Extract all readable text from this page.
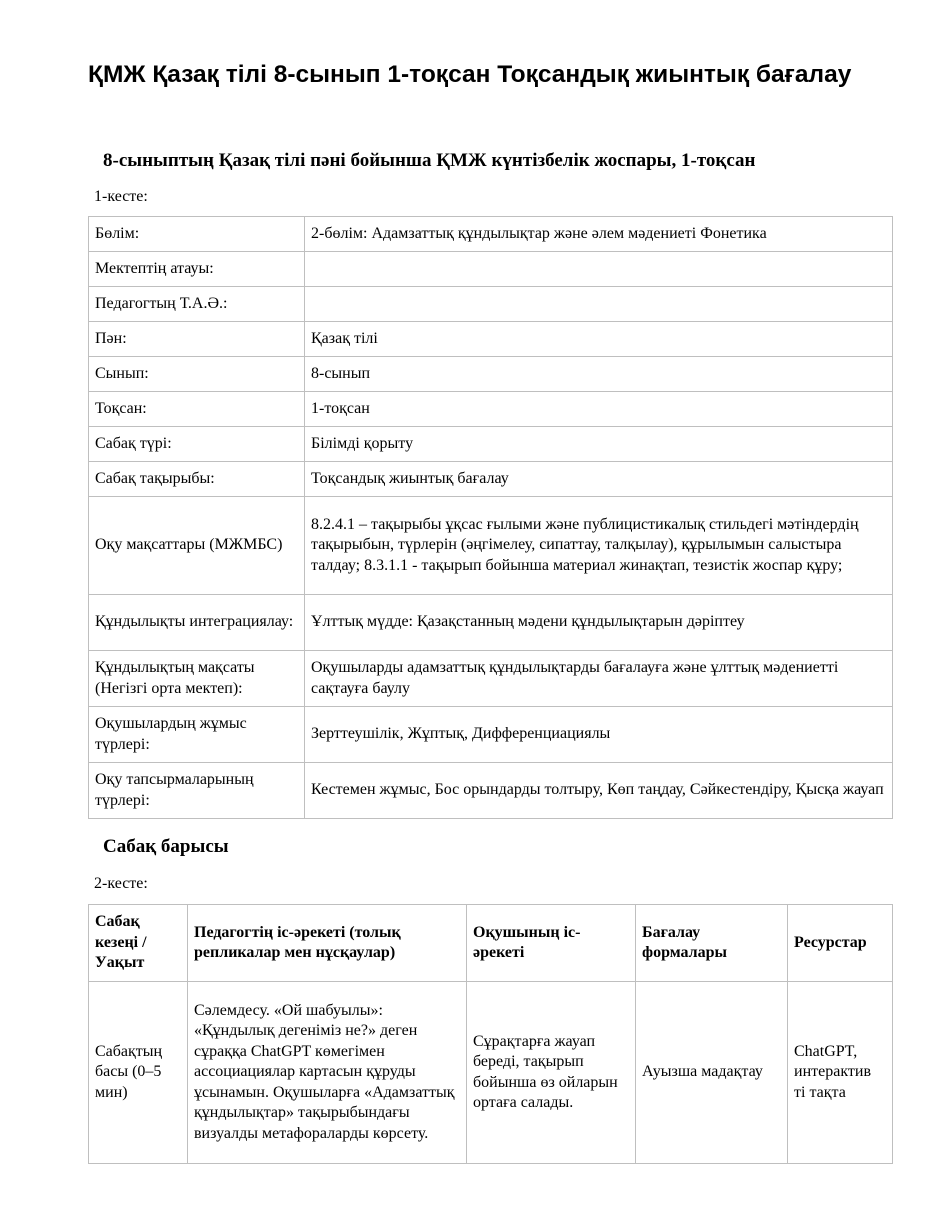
ҚМЖ Қазақ тілі 8-сынып 1-тоқсан Тоқсандық жиынтық бағалау
8-сыныптың Қазақ тілі пәні бойынша ҚМЖ күнтізбелік жоспары, 1-тоқсан
1-кесте:
Бөлім:	2-бөлім: Адамзаттық құндылықтар және әлем мәдениеті Фонетика
Мектептің атауы:	
Педагогтың Т.А.Ә.:	
Пән:	Қазақ тілі
Сынып:	8-сынып
Тоқсан:	1-тоқсан
Сабақ түрі:	Білімді қорыту
Сабақ тақырыбы:	Тоқсандық жиынтық бағалау
Оқу мақсаттары (МЖМБС)	8.2.4.1 – тақырыбы ұқсас ғылыми және публицистикалық стильдегі мәтіндердің тақырыбын, түрлерін (әңгімелеу, сипаттау, талқылау), құрылымын салыстыра талдау; 8.3.1.1 - тақырып бойынша материал жинақтап, тезистік жоспар құру;
Құндылықты интеграциялау:	Ұлттық мүдде: Қазақстанның мәдени құндылықтарын дәріптеу
Құндылықтың мақсаты (Негізгі орта мектеп):	Оқушыларды адамзаттық құндылықтарды бағалауға және ұлттық мәдениетті сақтауға баулу
Оқушылардың жұмыс түрлері:	Зерттеушілік, Жұптық, Дифференциациялы
Оқу тапсырмаларының түрлері:	Кестемен жұмыс, Бос орындарды толтыру, Көп таңдау, Сәйкестендіру, Қысқа жауап
Сабақ барысы
2-кесте:
Сабақ кезеңі / Уақыт	Педагогтің іс-әрекеті (толық репликалар мен нұсқаулар)	Оқушының іс-әрекеті	Бағалау формалары	Ресурстар
Сабақтың басы (0–5 мин)	Сәлемдесу. «Ой шабуылы»: «Құндылық дегеніміз не?» деген сұраққа ChatGPT көмегімен ассоциациялар картасын құруды ұсынамын. Оқушыларға «Адамзаттық құндылықтар» тақырыбындағы визуалды метафораларды көрсету.	Сұрақтарға жауап береді, тақырып бойынша өз ойларын ортаға салады.	Ауызша мадақтау	ChatGPT, интерактив ті тақта
